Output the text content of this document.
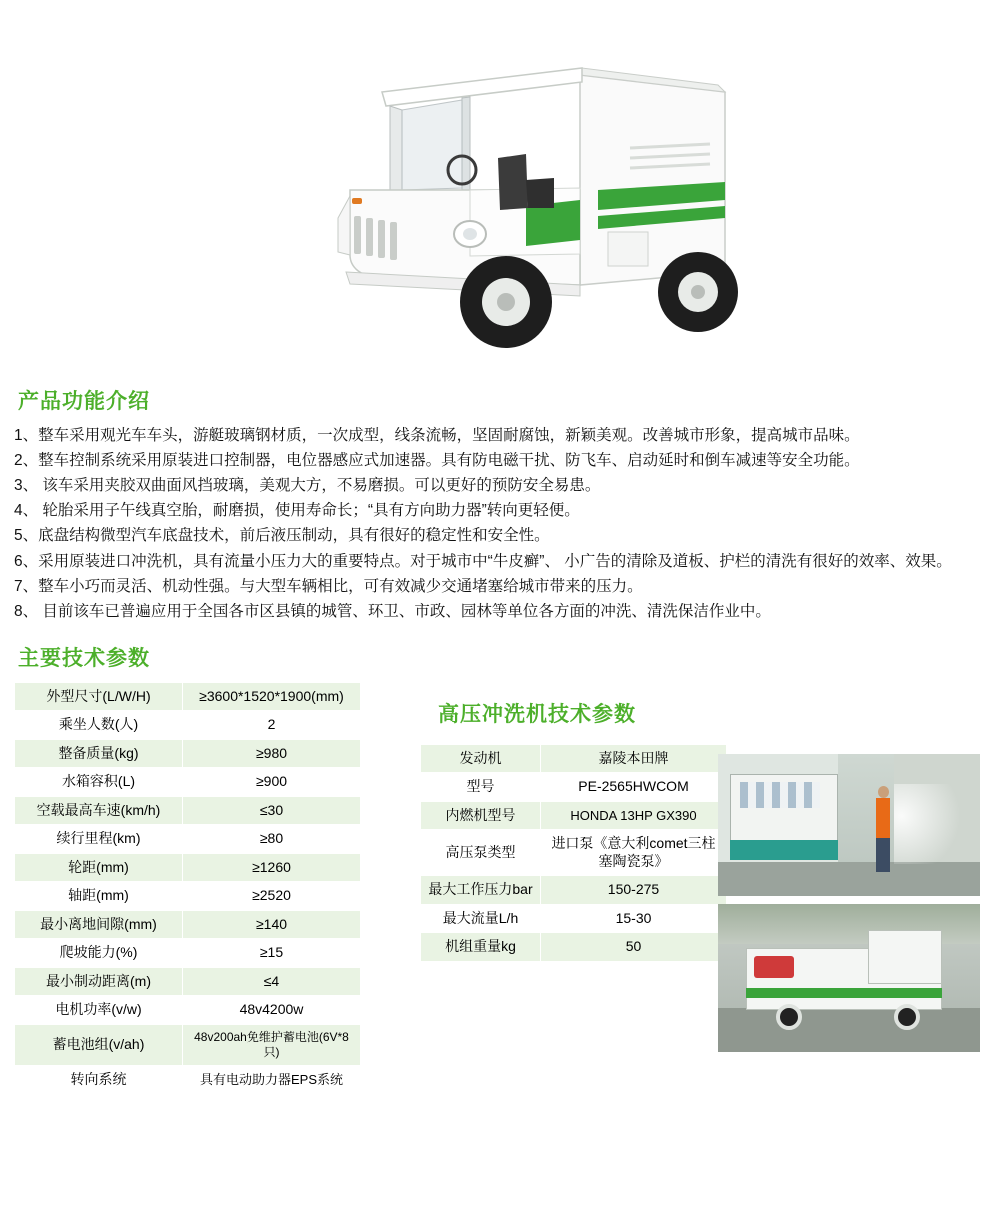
产品功能介绍

1、整车采用观光车车头，游艇玻璃钢材质，一次成型，线条流畅，坚固耐腐蚀，新颖美观。改善城市形象，提高城市品味。

2、整车控制系统采用原装进口控制器，电位器感应式加速器。具有防电磁干扰、防飞车、启动延时和倒车减速等安全功能。

3、 该车采用夹胶双曲面风挡玻璃，美观大方，不易磨损。可以更好的预防安全易患。

4、 轮胎采用子午线真空胎，耐磨损，使用寿命长；“具有方向助力器”转向更轻便。

5、底盘结构微型汽车底盘技术，前后液压制动，具有很好的稳定性和安全性。

6、采用原装进口冲洗机，具有流量小压力大的重要特点。对于城市中“牛皮癣”、 小广告的清除及道板、护栏的清洗有很好的效率、效果。

7、整车小巧而灵活、机动性强。与大型车辆相比，可有效减少交通堵塞给城市带来的压力。

8、 目前该车已普遍应用于全国各市区县镇的城管、环卫、市政、园林等单位各方面的冲洗、清洗保洁作业中。

主要技术参数
外型尺寸(L/W/H)	≥3600*1520*1900(mm)
乘坐人数(人)	2
整备质量(kg)	≥980
水箱容积(L)	≥900
空载最高车速(km/h)	≤30
续行里程(km)	≥80
轮距(mm)	≥1260
轴距(mm)	≥2520
最小离地间隙(mm)	≥140
爬坡能力(%)	≥15
最小制动距离(m)	≤4
电机功率(v/w)	48v4200w
蓄电池组(v/ah)	48v200ah免维护蓄电池(6V*8只)
转向系统	具有电动助力器EPS系统
高压冲洗机技术参数
发动机	嘉陵本田牌
型号	PE-2565HWCOM
内燃机型号	HONDA 13HP GX390
高压泵类型	进口泵《意大利comet三柱塞陶瓷泵》
最大工作压力bar	150-275
最大流量L/h	15-30
机组重量kg	50
